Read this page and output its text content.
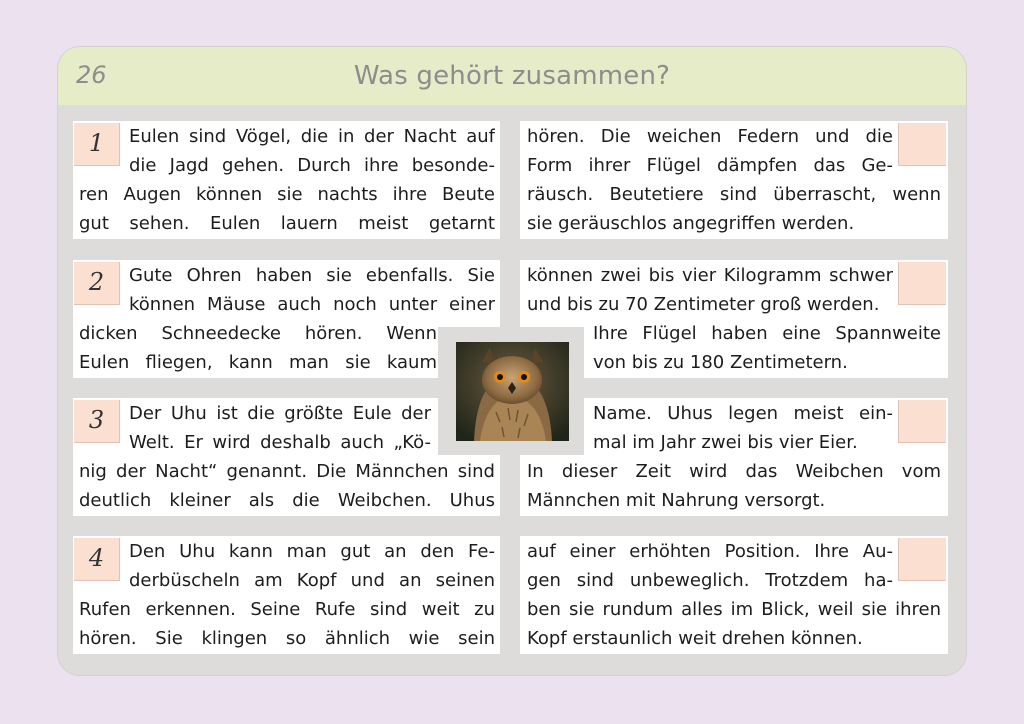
26	Was gehört zusammen?
1	Eulen sind Vögel, die in der Nacht auf
die Jagd gehen. Durch ihre besonde-
ren Augen können sie nachts ihre Beute
gut sehen. Eulen lauern meist getarnt
2	Gute Ohren haben sie ebenfalls. Sie
können Mäuse auch noch unter einer
dicken Schneedecke hören. Wenn
Eulen fliegen, kann man sie kaum
3	Der Uhu ist die größte Eule der
Welt. Er wird deshalb auch „Kö-
nig der Nacht“ genannt. Die Männchen sind
deutlich kleiner als die Weibchen. Uhus
4	Den Uhu kann man gut an den Fe-
derbüscheln am Kopf und an seinen
Rufen erkennen. Seine Rufe sind weit zu
hören. Sie klingen so ähnlich wie sein
hören. Die weichen Federn und die
Form ihrer Flügel dämpfen das Ge-
räusch. Beutetiere sind überrascht, wenn
sie geräuschlos angegriffen werden.
können zwei bis vier Kilogramm schwer
und bis zu 70 Zentimeter groß werden.
Ihre Flügel haben eine Spannweite
von bis zu 180 Zentimetern.
Name. Uhus legen meist ein-
mal im Jahr zwei bis vier Eier.
In dieser Zeit wird das Weibchen vom
Männchen mit Nahrung versorgt.
auf einer erhöhten Position. Ihre Au-
gen sind unbeweglich. Trotzdem ha-
ben sie rundum alles im Blick, weil sie ihren
Kopf erstaunlich weit drehen können.
